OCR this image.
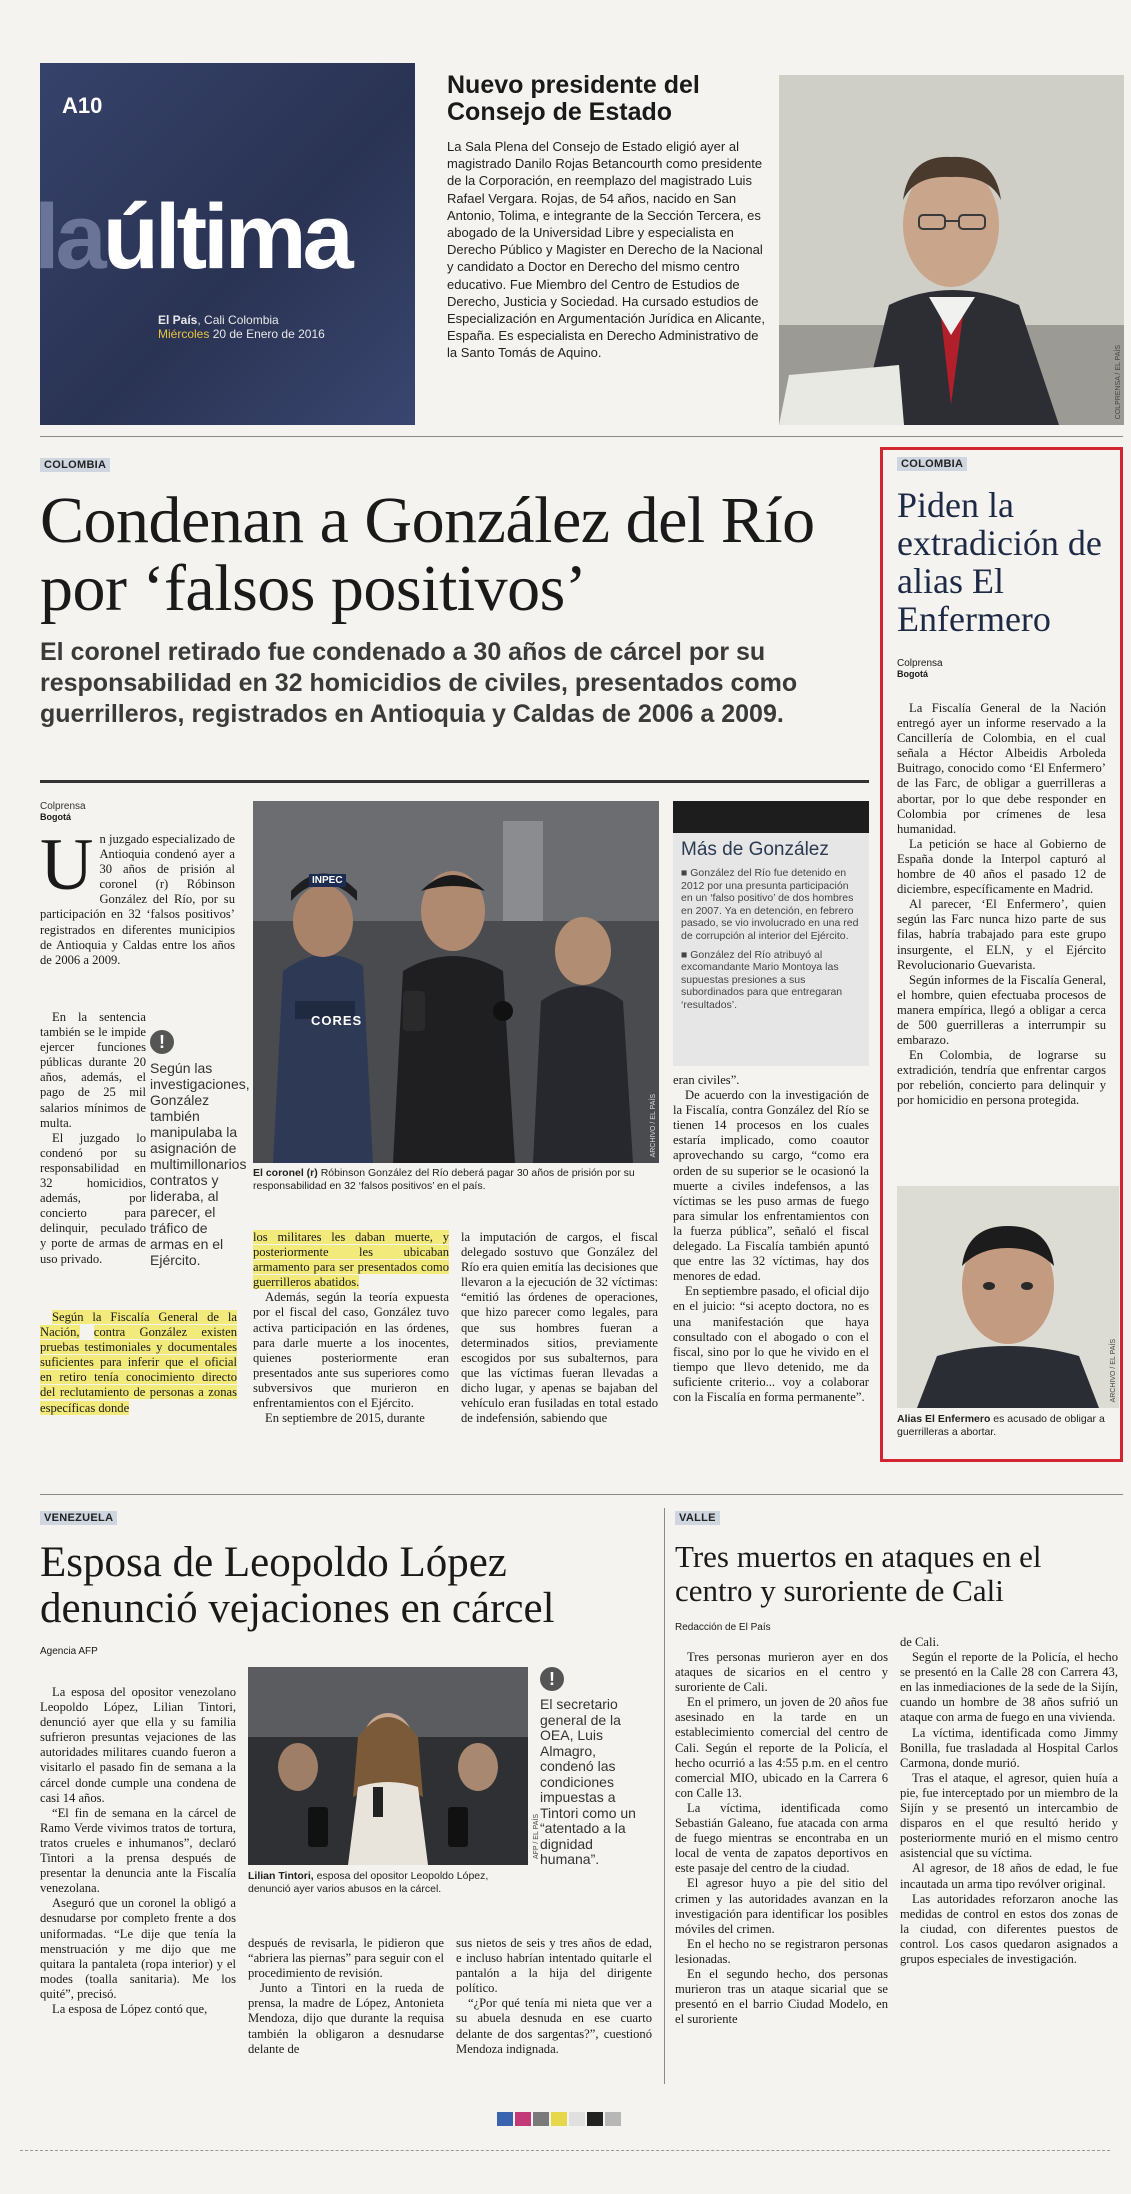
A10
laúltima
El País, Cali Colombia
Miércoles 20 de Enero de 2016
Nuevo presidente del Consejo de Estado
La Sala Plena del Consejo de Estado eligió ayer al magistrado Danilo Rojas Betancourth como presidente de la Corporación, en reemplazo del magistrado Luis Rafael Vergara. Rojas, de 54 años, nacido en San Antonio, Tolima, e integrante de la Sección Tercera, es abogado de la Universidad Libre y especialista en Derecho Público y Magister en Derecho de la Nacional y candidato a Doctor en Derecho del mismo centro educativo. Fue Miembro del Centro de Estudios de Derecho, Justicia y Sociedad. Ha cursado estudios de Especialización en Argumentación Jurídica en Alicante, España. Es especialista en Derecho Administrativo de la Santo Tomás de Aquino.	COLPRENSA / EL PAÍS
COLOMBIA
Condenan a González del Río por ‘falsos positivos’
El coronel retirado fue condenado a 30 años de cárcel por su responsabilidad en 32 homicidios de civiles, presentados como guerrilleros, registrados en Antioquia y Caldas de 2006 a 2009.
Colprensa
Bogotá

Un juzgado especializado de Antioquia condenó ayer a 30 años de prisión al coronel (r) Róbinson González del Río, por su participación en 32 ‘falsos positivos’ registrados en diferentes municipios de Antioquia y Caldas entre los años de 2006 a 2009.

En la sentencia también se le impide ejercer funciones públicas durante 20 años, además, el pago de 25 mil salarios mínimos de multa.

El juzgado lo condenó por su responsabilidad en 32 homicidios, además, por concierto para delinquir, peculado y porte de armas de uso privado.

!
Según las investigaciones, González también manipulaba la asignación de multimillonarios contratos y lideraba, al parecer, el tráfico de armas en el Ejército.

Según la Fiscalía General de la Nación, contra González existen pruebas testimoniales y documentales suficientes para inferir que el oficial en retiro tenía conocimiento directo del reclutamiento de personas a zonas específicas donde

INPEC
CORES
ARCHIVO / EL PAÍS
El coronel (r) Róbinson González del Río deberá pagar 30 años de prisión por su responsabilidad en 32 ‘falsos positivos’ en el país.

los militares les daban muerte, y posteriormente les ubicaban armamento para ser presentados como guerrilleros abatidos.

Además, según la teoría expuesta por el fiscal del caso, González tuvo activa participación en las órdenes, para darle muerte a los inocentes, quienes posteriormente eran presentados ante sus superiores como subversivos que murieron en enfrentamientos con el Ejército.

En septiembre de 2015, durante

la imputación de cargos, el fiscal delegado sostuvo que González del Río era quien emitía las decisiones que llevaron a la ejecución de 32 víctimas: “emitió las órdenes de operaciones, que hizo parecer como legales, para que sus hombres fueran a determinados sitios, previamente escogidos por sus subalternos, para que las víctimas fueran llevadas a dicho lugar, y apenas se bajaban del vehículo eran fusiladas en total estado de indefensión, sabiendo que

Más de González
■ González del Río fue detenido en 2012 por una presunta participación en un ‘falso positivo’ de dos hombres en 2007. Ya en detención, en febrero pasado, se vio involucrado en una red de corrupción al interior del Ejército.
■ González del Río atribuyó al excomandante Mario Montoya las supuestas presiones a sus subordinados para que entregaran ‘resultados’.

eran civiles”.

De acuerdo con la investigación de la Fiscalía, contra González del Río se tienen 14 procesos en los cuales estaría implicado, como coautor aprovechando su cargo, “como era orden de su superior se le ocasionó la muerte a civiles indefensos, a las víctimas se les puso armas de fuego para simular los enfrentamientos con la fuerza pública”, señaló el fiscal delegado. La Fiscalía también apuntó que entre las 32 víctimas, hay dos menores de edad.

En septiembre pasado, el oficial dijo en el juicio: “si acepto doctora, no es una manifestación que haya consultado con el abogado o con el fiscal, sino por lo que he vivido en el tiempo que llevo detenido, me da suficiente criterio... voy a colaborar con la Fiscalía en forma permanente”.

COLOMBIA
Piden la extradición de alias El Enfermero
Colprensa
Bogotá

La Fiscalía General de la Nación entregó ayer un informe reservado a la Cancillería de Colombia, en el cual señala a Héctor Albeidis Arboleda Buitrago, conocido como ‘El Enfermero’ de las Farc, de obligar a guerrilleras a abortar, por lo que debe responder en Colombia por crímenes de lesa humanidad.

La petición se hace al Gobierno de España donde la Interpol capturó al hombre de 40 años el pasado 12 de diciembre, específicamente en Madrid.

Al parecer, ‘El Enfermero’, quien según las Farc nunca hizo parte de sus filas, habría trabajado para este grupo insurgente, el ELN, y el Ejército Revolucionario Guevarista.

Según informes de la Fiscalía General, el hombre, quien efectuaba procesos de manera empírica, llegó a obligar a cerca de 500 guerrilleras a interrumpir su embarazo.

En Colombia, de lograrse su extradición, tendría que enfrentar cargos por rebelión, concierto para delinquir y por homicidio en persona protegida.

ARCHIVO / EL PAÍS
Alias El Enfermero es acusado de obligar a guerrilleras a abortar.
VENEZUELA
Esposa de Leopoldo López denunció vejaciones en cárcel
Agencia AFP

La esposa del opositor venezolano Leopoldo López, Lilian Tintori, denunció ayer que ella y su familia sufrieron presuntas vejaciones de las autoridades militares cuando fueron a visitarlo el pasado fin de semana a la cárcel donde cumple una condena de casi 14 años.

“El fin de semana en la cárcel de Ramo Verde vivimos tratos de tortura, tratos crueles e inhumanos”, declaró Tintori a la prensa después de presentar la denuncia ante la Fiscalía venezolana.

Aseguró que un coronel la obligó a desnudarse por completo frente a dos uniformadas. “Le dije que tenía la menstruación y me dijo que me quitara la pantaleta (ropa interior) y el modes (toalla sanitaria). Me los quité”, precisó.

La esposa de López contó que,

AFP / EL PAÍS
!
El secretario general de la OEA, Luis Almagro, condenó las condiciones impuestas a Tintori como un “atentado a la dignidad humana”.
Lilian Tintori, esposa del opositor Leopoldo López, denunció ayer varios abusos en la cárcel.

después de revisarla, le pidieron que “abriera las piernas” para seguir con el procedimiento de revisión.

Junto a Tintori en la rueda de prensa, la madre de López, Antonieta Mendoza, dijo que durante la requisa también la obligaron a desnudarse delante de

sus nietos de seis y tres años de edad, e incluso habrían intentado quitarle el pantalón a la hija del dirigente político.

“¿Por qué tenía mi nieta que ver a su abuela desnuda en ese cuarto delante de dos sargentas?”, cuestionó Mendoza indignada.

VALLE
Tres muertos en ataques en el centro y suroriente de Cali
Redacción de El País

Tres personas murieron ayer en dos ataques de sicarios en el centro y suroriente de Cali.

En el primero, un joven de 20 años fue asesinado en la tarde en un establecimiento comercial del centro de Cali. Según el reporte de la Policía, el hecho ocurrió a las 4:55 p.m. en el centro comercial MIO, ubicado en la Carrera 6 con Calle 13.

La víctima, identificada como Sebastián Galeano, fue atacada con arma de fuego mientras se encontraba en un local de venta de zapatos deportivos en este pasaje del centro de la ciudad.

El agresor huyo a pie del sitio del crimen y las autoridades avanzan en la investigación para identificar los posibles móviles del crimen.

En el hecho no se registraron personas lesionadas.

En el segundo hecho, dos personas murieron tras un ataque sicarial que se presentó en el barrio Ciudad Modelo, en el suroriente

de Cali.

Según el reporte de la Policía, el hecho se presentó en la Calle 28 con Carrera 43, en las inmediaciones de la sede de la Sijín, cuando un hombre de 38 años sufrió un ataque con arma de fuego en una vivienda.

La víctima, identificada como Jimmy Bonilla, fue trasladada al Hospital Carlos Carmona, donde murió.

Tras el ataque, el agresor, quien huía a pie, fue interceptado por un miembro de la Sijín y se presentó un intercambio de disparos en el que resultó herido y posteriormente murió en el mismo centro asistencial que su víctima.

Al agresor, de 18 años de edad, le fue incautada un arma tipo revólver original.

Las autoridades reforzaron anoche las medidas de control en estos dos zonas de la ciudad, con diferentes puestos de control. Los casos quedaron asignados a grupos especiales de investigación.
